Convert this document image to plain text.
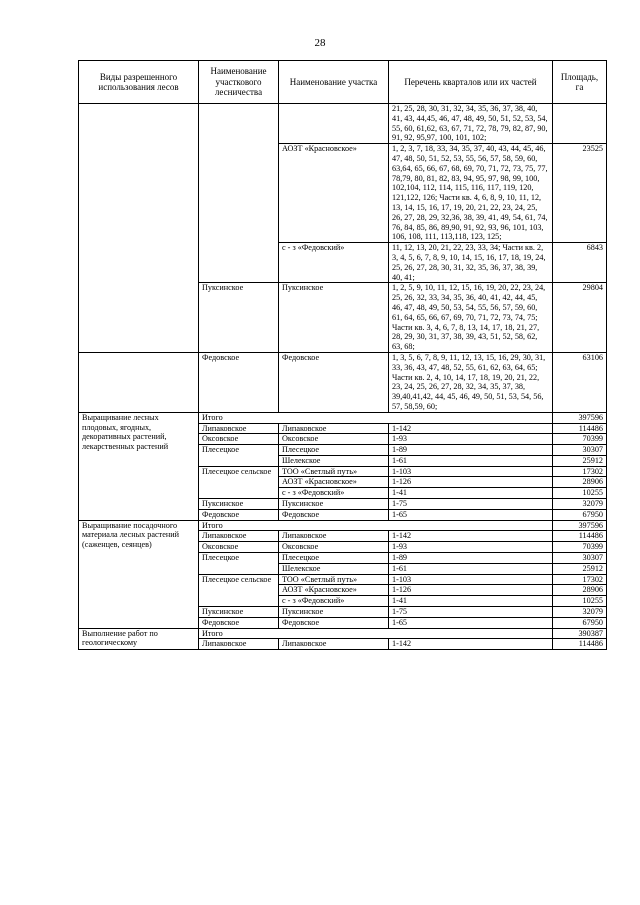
28
Виды разрешенного использования лесов	Наименование участкового лесничества	Наименование участка	Перечень кварталов или их частей	Площадь, га
			21, 25, 28, 30, 31, 32, 34, 35, 36, 37, 38, 40, 41, 43, 44,45, 46, 47, 48, 49, 50, 51, 52, 53, 54, 55, 60, 61,62, 63, 67, 71, 72, 78, 79, 82, 87, 90, 91, 92, 95,97, 100, 101, 102;	
		АОЗТ «Красновское»	1, 2, 3, 7, 18, 33, 34, 35, 37, 40, 43, 44, 45, 46, 47, 48, 50, 51, 52, 53, 55, 56, 57, 58, 59, 60, 63,64, 65, 66, 67, 68, 69, 70, 71, 72, 73, 75, 77, 78,79, 80, 81, 82, 83, 94, 95, 97, 98, 99, 100, 102,104, 112, 114, 115, 116, 117, 119, 120, 121,122, 126; Части кв. 4, 6, 8, 9, 10, 11, 12, 13, 14, 15, 16, 17, 19, 20, 21, 22, 23, 24, 25, 26, 27, 28, 29, 32,36, 38, 39, 41, 49, 54, 61, 74, 76, 84, 85, 86, 89,90, 91, 92, 93, 96, 101, 103, 106, 108, 111, 113,118, 123, 125;	23525
		с - з «Федовский»	11, 12, 13, 20, 21, 22, 23, 33, 34; Части кв. 2, 3, 4, 5, 6, 7, 8, 9, 10, 14, 15, 16, 17, 18, 19, 24, 25, 26, 27, 28, 30, 31, 32, 35, 36, 37, 38, 39, 40, 41;	6843
	Пуксинское	Пуксинское	1, 2, 5, 9, 10, 11, 12, 15, 16, 19, 20, 22, 23, 24, 25, 26, 32, 33, 34, 35, 36, 40, 41, 42, 44, 45, 46, 47, 48, 49, 50, 53, 54, 55, 56, 57, 59, 60, 61, 64, 65, 66, 67, 69, 70, 71, 72, 73, 74, 75; Части кв. 3, 4, 6, 7, 8, 13, 14, 17, 18, 21, 27, 28, 29, 30, 31, 37, 38, 39, 43, 51, 52, 58, 62, 63, 68;	29804
	Федовское	Федовское	1, 3, 5, 6, 7, 8, 9, 11, 12, 13, 15, 16, 29, 30, 31, 33, 36, 43, 47, 48, 52, 55, 61, 62, 63, 64, 65; Части кв. 2, 4, 10, 14, 17, 18, 19, 20, 21, 22, 23, 24, 25, 26, 27, 28, 32, 34, 35, 37, 38, 39,40,41,42, 44, 45, 46, 49, 50, 51, 53, 54, 56, 57, 58,59, 60;	63106
Выращивание лесных плодовых, ягодных, декоративных растений, лекарственных растений	Итого			397596
	Липаковское	Липаковское	1-142	114486
	Оксовское	Оксовское	1-93	70399
	Плесецкое	Плесецкое	1-89	30307
		Шелекское	1-61	25912
	Плесецкое сельское	ТОО «Светлый путь»	1-103	17302
		АОЗТ «Красновское»	1-126	28906
		с - з «Федовский»	1-41	10255
	Пуксинское	Пуксинское	1-75	32079
	Федовское	Федовское	1-65	67950
Выращивание посадочного материала лесных растений (саженцев, сеянцев)	Итого			397596
	Липаковское	Липаковское	1-142	114486
	Оксовское	Оксовское	1-93	70399
	Плесецкое	Плесецкое	1-89	30307
		Шелекское	1-61	25912
	Плесецкое сельское	ТОО «Светлый путь»	1-103	17302
		АОЗТ «Красновское»	1-126	28906
		с - з «Федовский»	1-41	10255
	Пуксинское	Пуксинское	1-75	32079
	Федовское	Федовское	1-65	67950
Выполнение работ по геологическому	Итого			390387
	Липаковское	Липаковское	1-142	114486
